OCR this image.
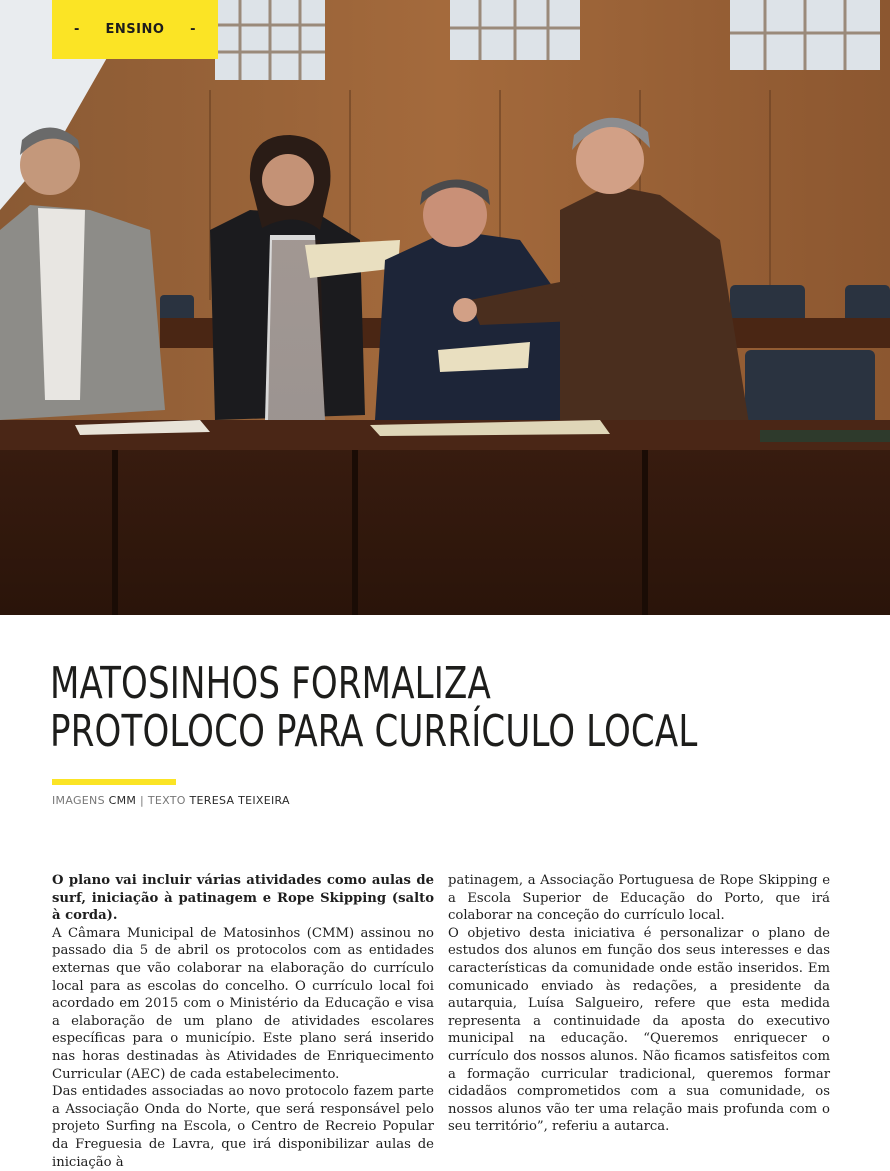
- ENSINO -
MATOSINHOS FORMALIZA
PROTOLOCO PARA CURRÍCULO LOCAL
IMAGENS CMM | TEXTO TERESA TEIXEIRA

O plano vai incluir várias atividades como aulas de surf, iniciação à patinagem e Rope Skipping (salto à corda).

A Câmara Municipal de Matosinhos (CMM) assinou no passado dia 5 de abril os protocolos com as entidades externas que vão colaborar na elaboração do currículo local para as escolas do concelho. O currículo local foi acordado em 2015 com o Ministério da Educação e visa a elaboração de um plano de atividades escolares específicas para o município. Este plano será inserido nas horas destinadas às Atividades de Enriquecimento Curricular (AEC) de cada estabelecimento.

Das entidades associadas ao novo protocolo fazem parte a Associação Onda do Norte, que será responsável pelo projeto Surfing na Escola, o Centro de Recreio Popular da Freguesia de Lavra, que irá disponibilizar aulas de iniciação à

patinagem, a Associação Portuguesa de Rope Skipping e a Escola Superior de Educação do Porto, que irá colaborar na conceção do currículo local.

O objetivo desta iniciativa é personalizar o plano de estudos dos alunos em função dos seus interesses e das características da comunidade onde estão inseridos. Em comunicado enviado às redações, a presidente da autarquia, Luísa Salgueiro, refere que esta medida representa a continuidade da aposta do executivo municipal na educação. “Queremos enriquecer o currículo dos nossos alunos. Não ficamos satisfeitos com a formação curricular tradicional, queremos formar cidadãos comprometidos com a sua comunidade, os nossos alunos vão ter uma relação mais profunda com o seu território”, referiu a autarca.
